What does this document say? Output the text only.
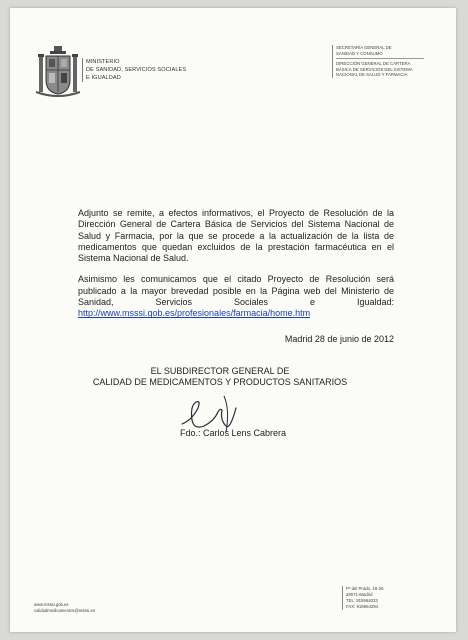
MINISTERIO
DE SANIDAD, SERVICIOS SOCIALES
E IGUALDAD
SECRETARÍA GENERAL DE
SANIDAD Y CONSUMO
DIRECCIÓN GENERAL DE CARTERA
BÁSICA DE SERVICIOS DEL SISTEMA
NACIONAL DE SALUD Y FARMACIA

Adjunto se remite, a efectos informativos, el Proyecto de Resolución de la Dirección General de Cartera Básica de Servicios del Sistema Nacional de Salud y Farmacia, por la que se procede a la actualización de la lista de medicamentos que quedan excluidos de la prestación farmacéutica en el Sistema Nacional de Salud.

Asimismo les comunicamos que el citado Proyecto de Resolución será publicado a la mayor brevedad posible en la Página web del Ministerio de Sanidad, Servicios Sociales e Igualdad: http://www.msssi.gob.es/profesionales/farmacia/home.htm

Madrid 28 de junio de 2012
EL SUBDIRECTOR GENERAL DE
CALIDAD DE MEDICAMENTOS Y PRODUCTOS SANITARIOS
Fdo.: Carlos Lens Cabrera
www.msssi.gob.es
calidadmedicamentos@msssi.es
Pº del Prado, 18-20.
28071-Madrid
TEL: 915964033
FAX: 915964294
